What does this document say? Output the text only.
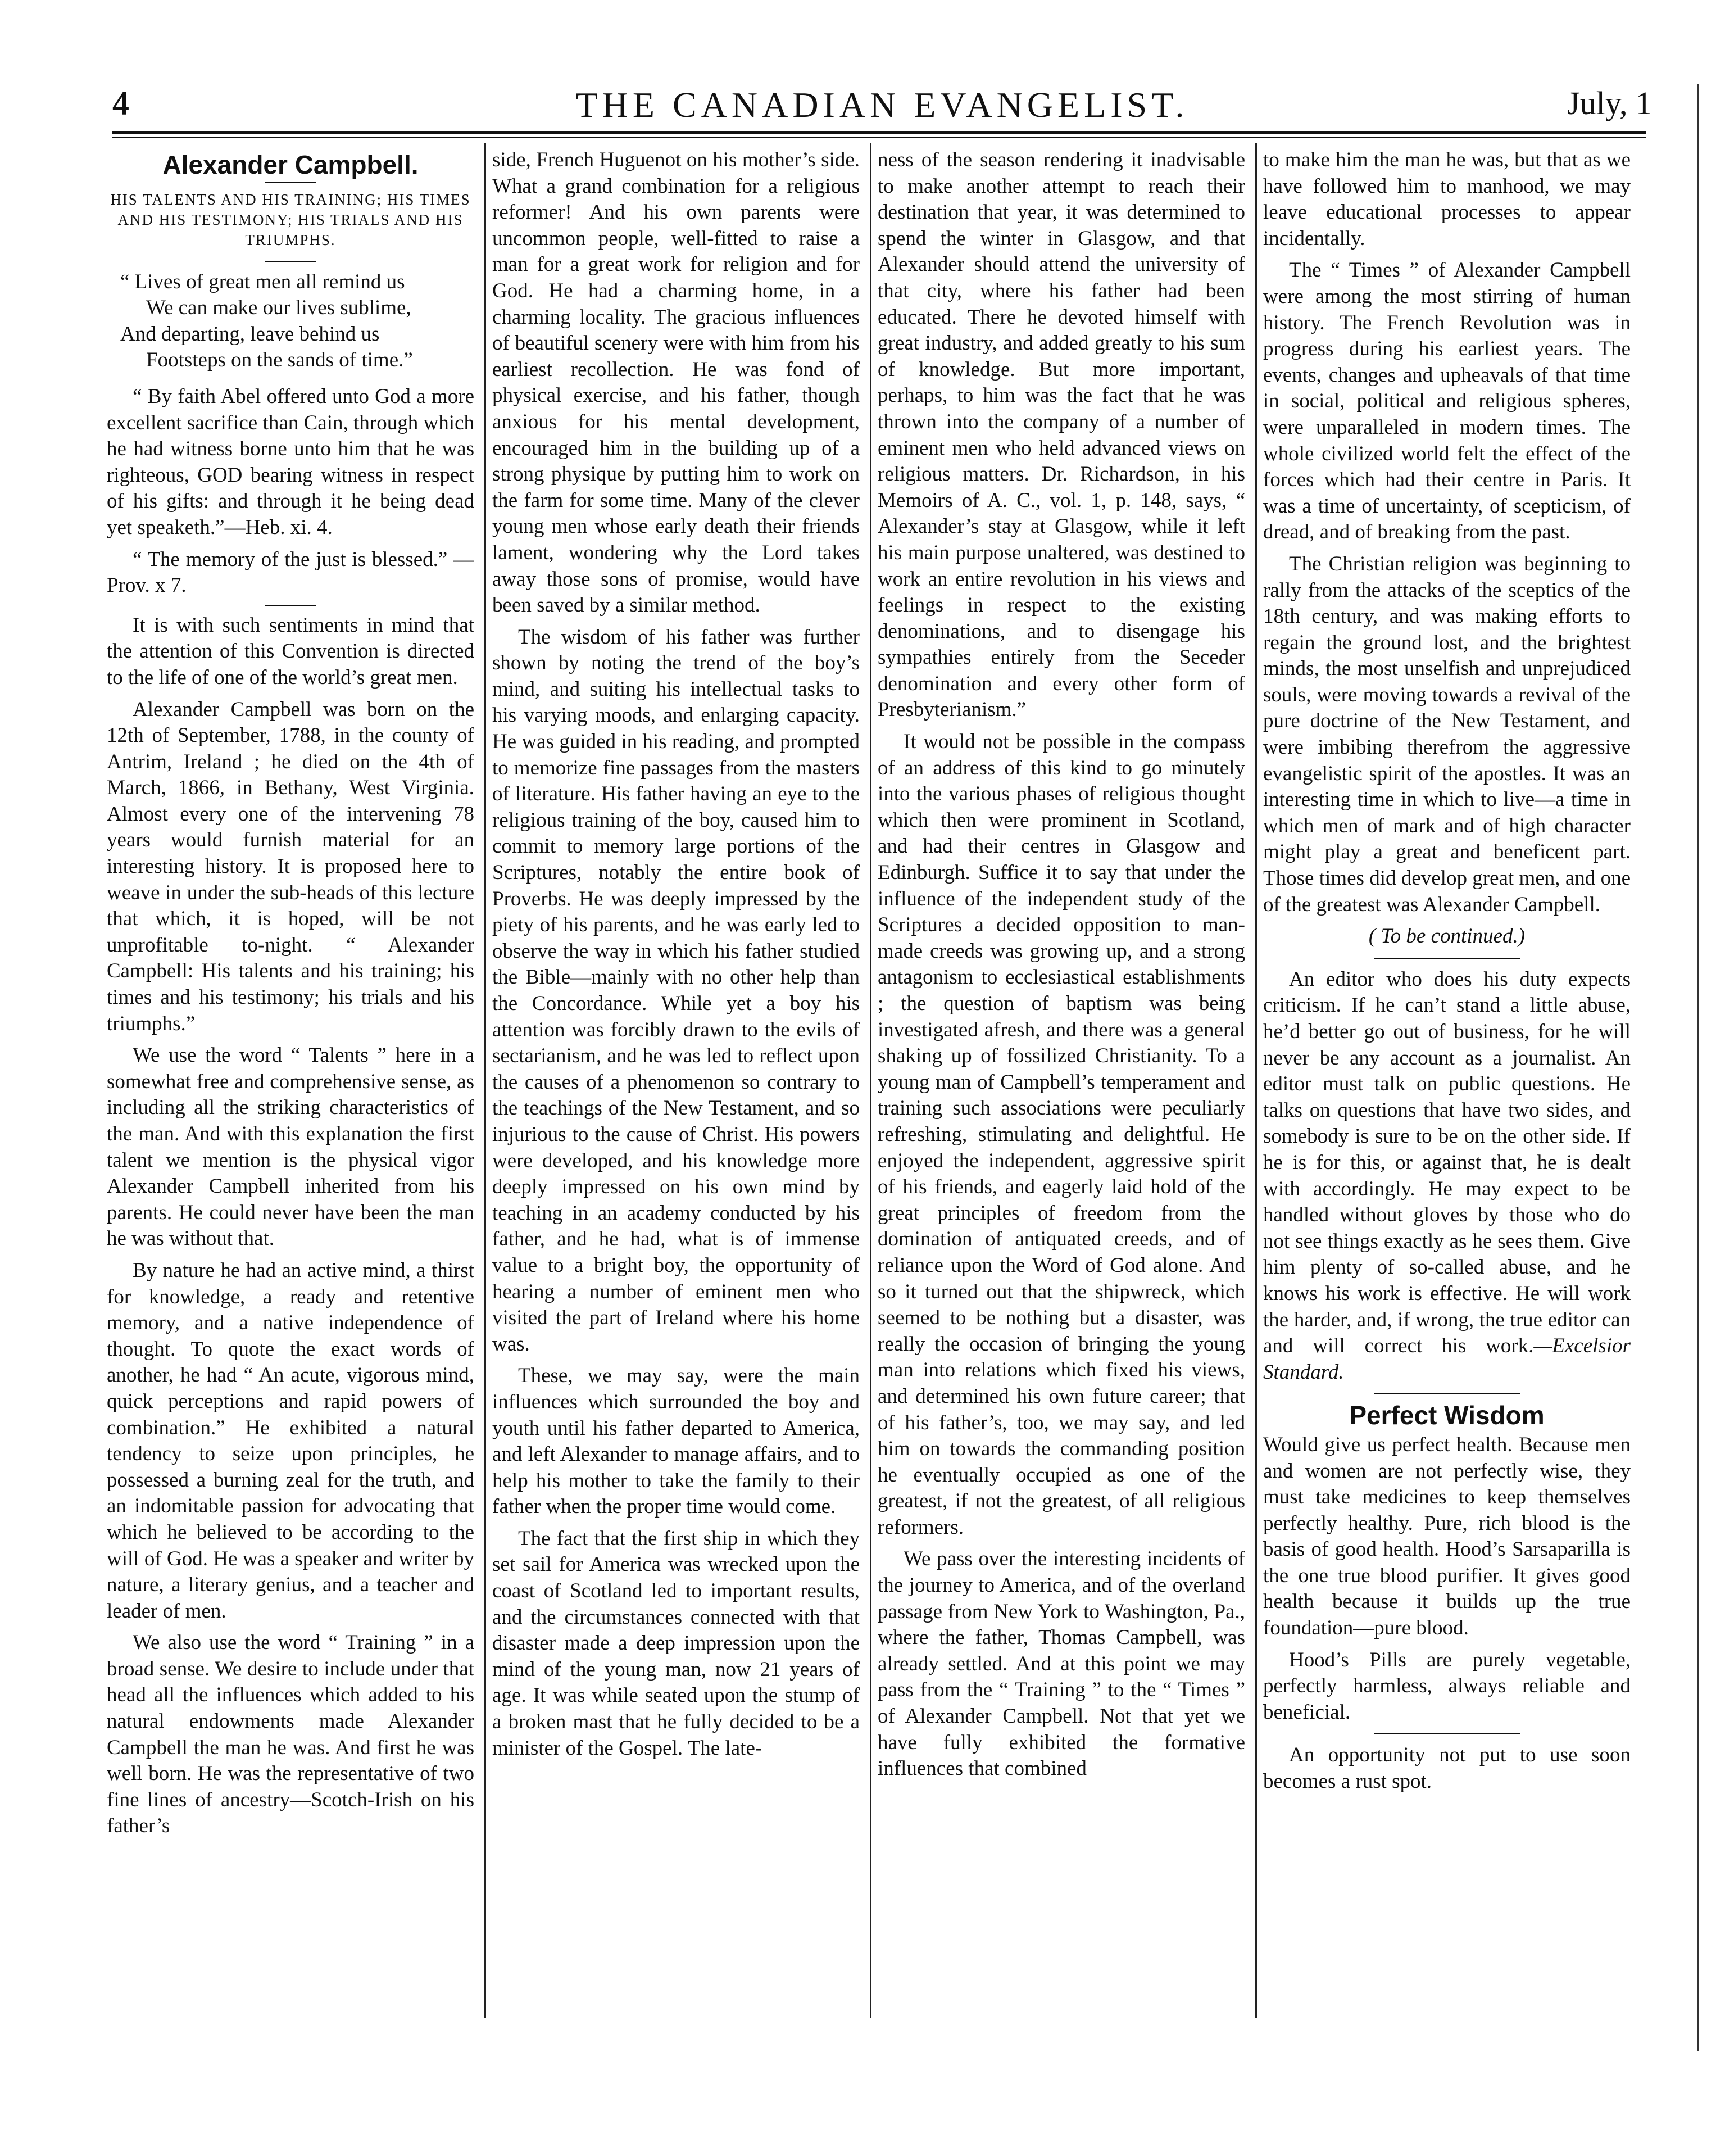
4	THE CANADIAN EVANGELIST.	July, 1
Alexander Campbell.
HIS TALENTS AND HIS TRAINING; HIS TIMES AND HIS TESTIMONY; HIS TRIALS AND HIS TRIUMPHS.
“ Lives of great men all remind us
We can make our lives sublime,
And departing, leave behind us
Footsteps on the sands of time.”

“ By faith Abel offered unto God a more excellent sacrifice than Cain, through which he had witness borne unto him that he was righteous, GOD bearing witness in respect of his gifts: and through it he being dead yet speaketh.”—Heb. xi. 4.

“ The memory of the just is blessed.” —Prov. x 7.

It is with such sentiments in mind that the attention of this Convention is directed to the life of one of the world’s great men.

Alexander Campbell was born on the 12th of September, 1788, in the county of Antrim, Ireland ; he died on the 4th of March, 1866, in Bethany, West Virginia. Almost every one of the intervening 78 years would furnish material for an interesting history. It is proposed here to weave in under the sub-heads of this lecture that which, it is hoped, will be not unprofitable to-night. “ Alexander Campbell: His talents and his training; his times and his testimony; his trials and his triumphs.”

We use the word “ Talents ” here in a somewhat free and comprehensive sense, as including all the striking characteristics of the man. And with this explanation the first talent we mention is the physical vigor Alexander Campbell inherited from his parents. He could never have been the man he was without that.

By nature he had an active mind, a thirst for knowledge, a ready and retentive memory, and a native independence of thought. To quote the exact words of another, he had “ An acute, vigorous mind, quick perceptions and rapid powers of combination.” He exhibited a natural tendency to seize upon principles, he possessed a burning zeal for the truth, and an indomitable passion for advocating that which he believed to be according to the will of God. He was a speaker and writer by nature, a literary genius, and a teacher and leader of men.

We also use the word “ Training ” in a broad sense. We desire to include under that head all the influences which added to his natural endowments made Alexander Campbell the man he was. And first he was well born. He was the representative of two fine lines of ancestry—Scotch-Irish on his father’s

side, French Huguenot on his mother’s side. What a grand combination for a religious reformer! And his own parents were uncommon people, well-fitted to raise a man for a great work for religion and for God. He had a charming home, in a charming locality. The gracious influences of beautiful scenery were with him from his earliest recollection. He was fond of physical exercise, and his father, though anxious for his mental development, encouraged him in the building up of a strong physique by putting him to work on the farm for some time. Many of the clever young men whose early death their friends lament, wondering why the Lord takes away those sons of promise, would have been saved by a similar method.

The wisdom of his father was further shown by noting the trend of the boy’s mind, and suiting his intellectual tasks to his varying moods, and enlarging capacity. He was guided in his reading, and prompted to memorize fine passages from the masters of literature. His father having an eye to the religious training of the boy, caused him to commit to memory large portions of the Scriptures, notably the entire book of Proverbs. He was deeply impressed by the piety of his parents, and he was early led to observe the way in which his father studied the Bible—mainly with no other help than the Concordance. While yet a boy his attention was forcibly drawn to the evils of sectarianism, and he was led to reflect upon the causes of a phenomenon so contrary to the teachings of the New Testament, and so injurious to the cause of Christ. His powers were developed, and his knowledge more deeply impressed on his own mind by teaching in an academy conducted by his father, and he had, what is of immense value to a bright boy, the opportunity of hearing a number of eminent men who visited the part of Ireland where his home was.

These, we may say, were the main influences which surrounded the boy and youth until his father departed to America, and left Alexander to manage affairs, and to help his mother to take the family to their father when the proper time would come.

The fact that the first ship in which they set sail for America was wrecked upon the coast of Scotland led to important results, and the circumstances connected with that disaster made a deep impression upon the mind of the young man, now 21 years of age. It was while seated upon the stump of a broken mast that he fully decided to be a minister of the Gospel. The late-

ness of the season rendering it inadvisable to make another attempt to reach their destination that year, it was determined to spend the winter in Glasgow, and that Alexander should attend the university of that city, where his father had been educated. There he devoted himself with great industry, and added greatly to his sum of knowledge. But more important, perhaps, to him was the fact that he was thrown into the company of a number of eminent men who held advanced views on religious matters. Dr. Richardson, in his Memoirs of A. C., vol. 1, p. 148, says, “ Alexander’s stay at Glasgow, while it left his main purpose unaltered, was destined to work an entire revolution in his views and feelings in respect to the existing denominations, and to disengage his sympathies entirely from the Seceder denomination and every other form of Presbyterianism.”

It would not be possible in the compass of an address of this kind to go minutely into the various phases of religious thought which then were prominent in Scotland, and had their centres in Glasgow and Edinburgh. Suffice it to say that under the influence of the independent study of the Scriptures a decided opposition to man-made creeds was growing up, and a strong antagonism to ecclesiastical establishments ; the question of baptism was being investigated afresh, and there was a general shaking up of fossilized Christianity. To a young man of Campbell’s temperament and training such associations were peculiarly refreshing, stimulating and delightful. He enjoyed the independent, aggressive spirit of his friends, and eagerly laid hold of the great principles of freedom from the domination of antiquated creeds, and of reliance upon the Word of God alone. And so it turned out that the shipwreck, which seemed to be nothing but a disaster, was really the occasion of bringing the young man into relations which fixed his views, and determined his own future career; that of his father’s, too, we may say, and led him on towards the commanding position he eventually occupied as one of the greatest, if not the greatest, of all religious reformers.

We pass over the interesting incidents of the journey to America, and of the overland passage from New York to Washington, Pa., where the father, Thomas Campbell, was already settled. And at this point we may pass from the “ Training ” to the “ Times ” of Alexander Campbell. Not that yet we have fully exhibited the formative influences that combined

to make him the man he was, but that as we have followed him to manhood, we may leave educational processes to appear incidentally.

The “ Times ” of Alexander Campbell were among the most stirring of human history. The French Revolution was in progress during his earliest years. The events, changes and upheavals of that time in social, political and religious spheres, were unparalleled in modern times. The whole civilized world felt the effect of the forces which had their centre in Paris. It was a time of uncertainty, of scepticism, of dread, and of breaking from the past.

The Christian religion was beginning to rally from the attacks of the sceptics of the 18th century, and was making efforts to regain the ground lost, and the brightest minds, the most unselfish and unprejudiced souls, were moving towards a revival of the pure doctrine of the New Testament, and were imbibing therefrom the aggressive evangelistic spirit of the apostles. It was an interesting time in which to live—a time in which men of mark and of high character might play a great and beneficent part. Those times did develop great men, and one of the greatest was Alexander Campbell.

( To be continued.)

An editor who does his duty expects criticism. If he can’t stand a little abuse, he’d better go out of business, for he will never be any account as a journalist. An editor must talk on public questions. He talks on questions that have two sides, and somebody is sure to be on the other side. If he is for this, or against that, he is dealt with accordingly. He may expect to be handled without gloves by those who do not see things exactly as he sees them. Give him plenty of so-called abuse, and he knows his work is effective. He will work the harder, and, if wrong, the true editor can and will correct his work.—Excelsior Standard.

Perfect Wisdom

Would give us perfect health. Because men and women are not perfectly wise, they must take medicines to keep themselves perfectly healthy. Pure, rich blood is the basis of good health. Hood’s Sarsaparilla is the one true blood purifier. It gives good health because it builds up the true foundation—pure blood.

Hood’s Pills are purely vegetable, perfectly harmless, always reliable and beneficial.

An opportunity not put to use soon becomes a rust spot.
